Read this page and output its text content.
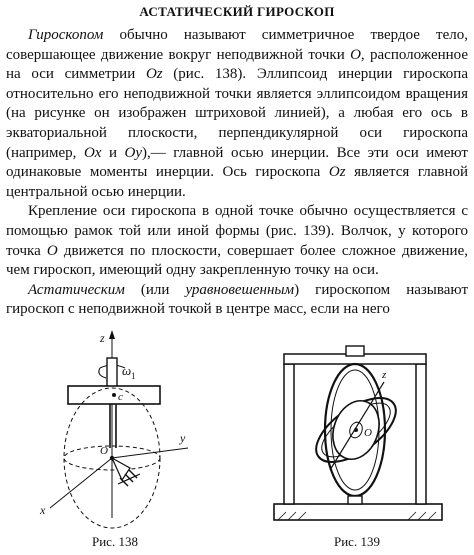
АСТАТИЧЕСКИЙ ГИРОСКОП

Гироскопом обычно называют симметричное твердое тело, совершающее движение вокруг неподвижной точки O, расположенное на оси симметрии Oz (рис. 138). Эллипсоид инерции гироскопа относительно его неподвижной точки является эллипсоидом вращения (на рисунке он изображен штриховой линией), а любая его ось в экваториальной плоскости, перпендикулярной оси гироскопа (например, Ox и Oy),— главной осью инерции. Все эти оси имеют одинаковые моменты инерции. Ось гироскопа Oz является главной центральной осью инерции.

Крепление оси гироскопа в одной точке обычно осуществляется с помощью рамок той или иной формы (рис. 139). Волчок, у которого точка O движется по плоскости, совершает более сложное движение, чем гироскоп, имеющий одну закрепленную точку на оси.

Астатическим (или уравновешенным) гироскопом называют гироскоп с неподвижной точкой в центре масс, если на него

z
ω 1
c
O
y
x
Рис. 138
z
O
Рис. 139
